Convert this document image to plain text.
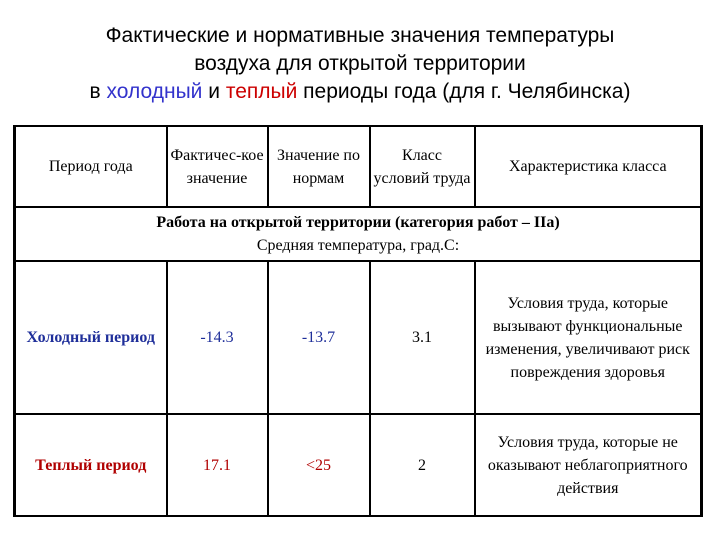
Фактические и нормативные значения температуры
воздуха для открытой территории
в холодный и теплый периоды года (для г. Челябинска)
Период года	Фактичес-кое значение	Значение по нормам	Класс условий труда	Характеристика класса

Работа на открытой территории (категория работ – IIа)
Средняя температура, град.С:				

Холодный период	-14.3	-13.7	3.1	Условия труда, которые вызывают функциональные изменения, увеличивают риск повреждения здоровья
Теплый период	17.1	<25	2	Условия труда, которые не оказывают неблагоприятного действия
